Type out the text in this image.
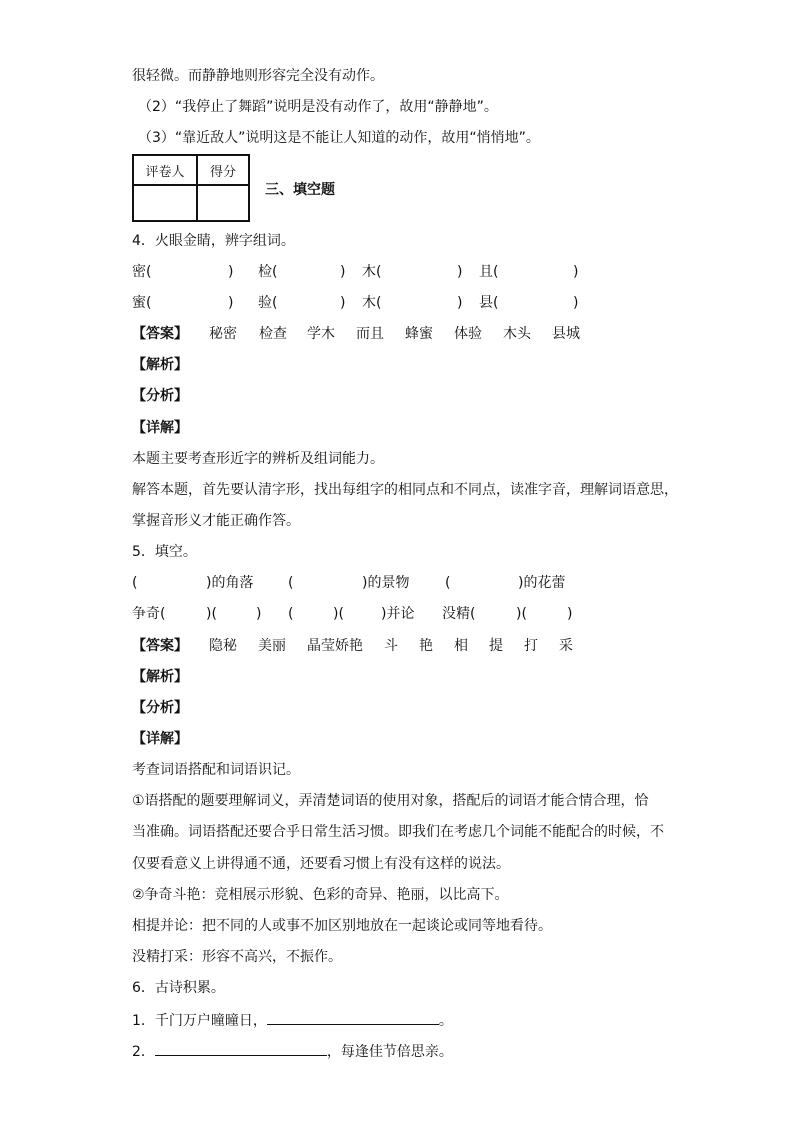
很轻微。而静静地则形容完全没有动作。
（2）“我停止了舞蹈”说明是没有动作了，故用“静静地”。
（3）“靠近敌人”说明这是不能让人知道的动作，故用“悄悄地”。
评卷人	得分

三、填空题
4．火眼金睛，辨字组词。
密(	) 检(	) 木(	) 且(	)
蜜(	) 验(	) 木(	) 县(	)
【答案】 秘密 检查 学木 而且 蜂蜜 体验 木头 县城
【解析】
【分析】
【详解】
本题主要考查形近字的辨析及组词能力。
解答本题，首先要认清字形，找出每组字的相同点和不同点，读准字音，理解词语意思，
掌握音形义才能正确作答。
5．填空。
(	)的角落 (	)的景物	(	)的花蕾
争奇(	)(	) (	)(	)并论 没精(	)(	)
【答案】 隐秘 美丽 晶莹娇艳 斗 艳 相 提 打 采
【解析】
【分析】
【详解】
考查词语搭配和词语识记。
①语搭配的题要理解词义，弄清楚词语的使用对象，搭配后的词语才能合情合理，恰
当准确。词语搭配还要合乎日常生活习惯。即我们在考虑几个词能不能配合的时候，不
仅要看意义上讲得通不通，还要看习惯上有没有这样的说法。
②争奇斗艳：竞相展示形貌、色彩的奇异、艳丽，以比高下。
相提并论：把不同的人或事不加区别地放在一起谈论或同等地看待。
没精打采：形容不高兴，不振作。
6．古诗积累。
1．千门万户曈曈日，	。
2．	，每逢佳节倍思亲。
